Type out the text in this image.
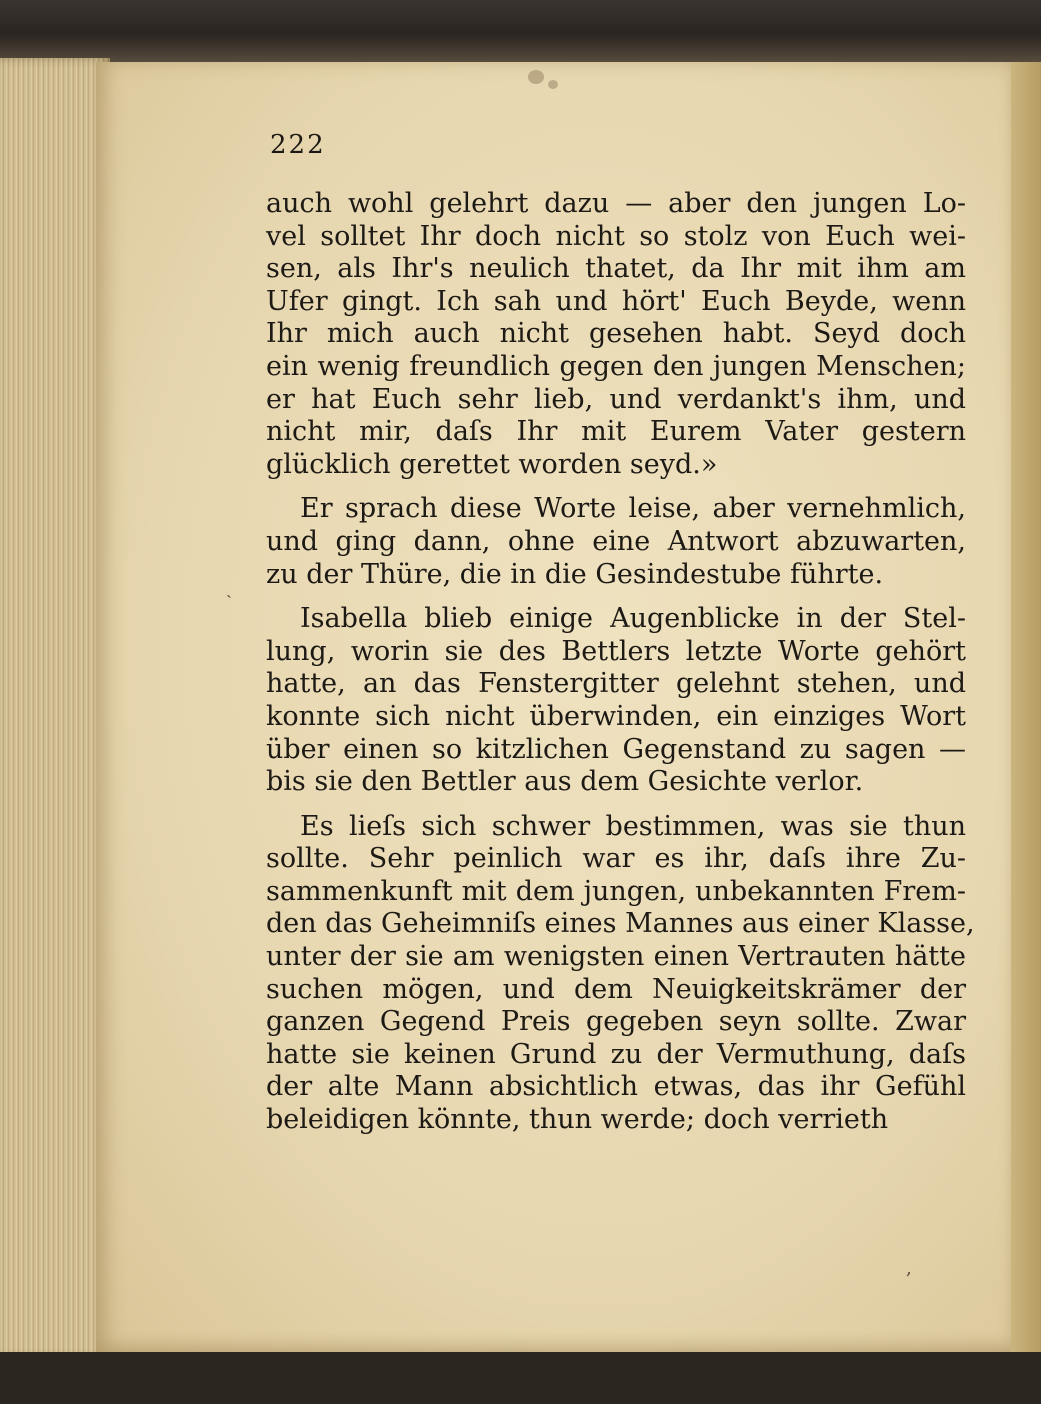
ˎ
,
222
auch wohl gelehrt dazu — aber den jungen Lo-
vel solltet Ihr doch nicht so stolz von Euch wei-
sen, als Ihr's neulich thatet, da Ihr mit ihm am
Ufer gingt. Ich sah und hört' Euch Beyde, wenn
Ihr mich auch nicht gesehen habt. Seyd doch
ein wenig freundlich gegen den jungen Menschen;
er hat Euch sehr lieb, und verdankt's ihm, und
nicht mir, daſs Ihr mit Eurem Vater gestern
glücklich gerettet worden seyd.»
Er sprach diese Worte leise, aber vernehmlich,
und ging dann, ohne eine Antwort abzuwarten,
zu der Thüre, die in die Gesindestube führte.
Isabella blieb einige Augenblicke in der Stel-
lung, worin sie des Bettlers letzte Worte gehört
hatte, an das Fenstergitter gelehnt stehen, und
konnte sich nicht überwinden, ein einziges Wort
über einen so kitzlichen Gegenstand zu sagen —
bis sie den Bettler aus dem Gesichte verlor.
Es lieſs sich schwer bestimmen, was sie thun
sollte. Sehr peinlich war es ihr, daſs ihre Zu-
sammenkunft mit dem jungen, unbekannten Frem-
den das Geheimniſs eines Mannes aus einer Klasse,
unter der sie am wenigsten einen Vertrauten hätte
suchen mögen, und dem Neuigkeitskrämer der
ganzen Gegend Preis gegeben seyn sollte. Zwar
hatte sie keinen Grund zu der Vermuthung, daſs
der alte Mann absichtlich etwas, das ihr Gefühl
beleidigen könnte, thun werde; doch verrieth
